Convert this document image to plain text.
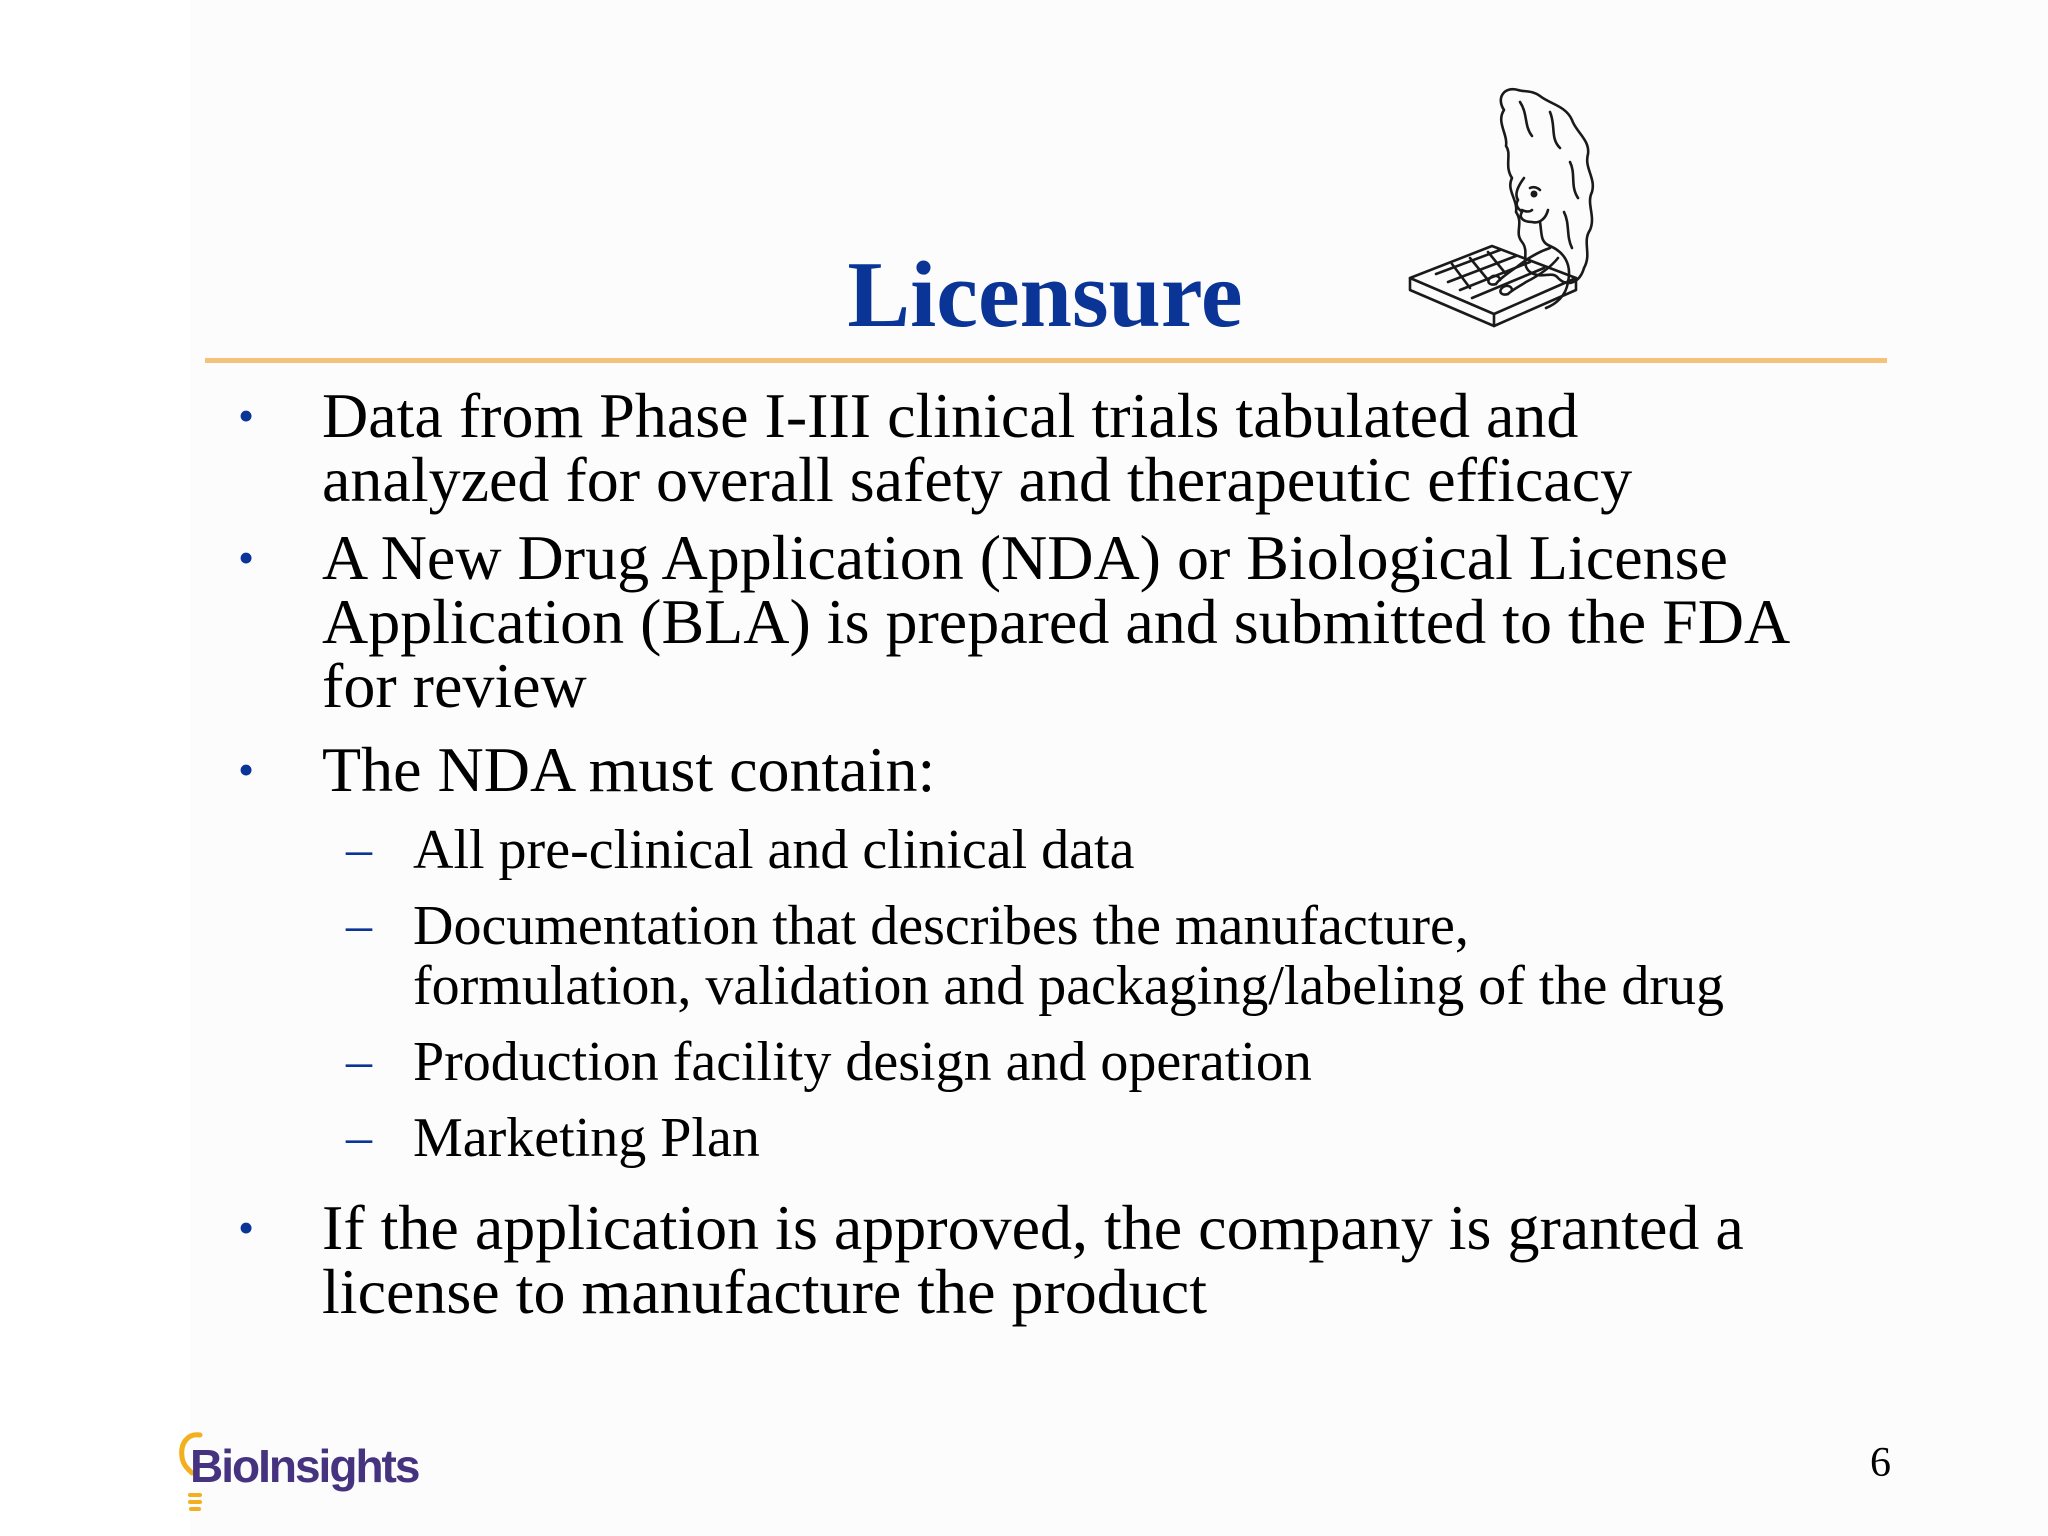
Licensure
• Data from Phase I-III clinical trials tabulated and
analyzed for overall safety and therapeutic efficacy
• A New Drug Application (NDA) or Biological License
Application (BLA) is prepared and submitted to the FDA
for review
• The NDA must contain:
– All pre-clinical and clinical data
– Documentation that describes the manufacture,
formulation, validation and packaging/labeling of the drug
– Production facility design and operation
– Marketing Plan
• If the application is approved, the company is granted a
license to manufacture the product
BioInsights	6
